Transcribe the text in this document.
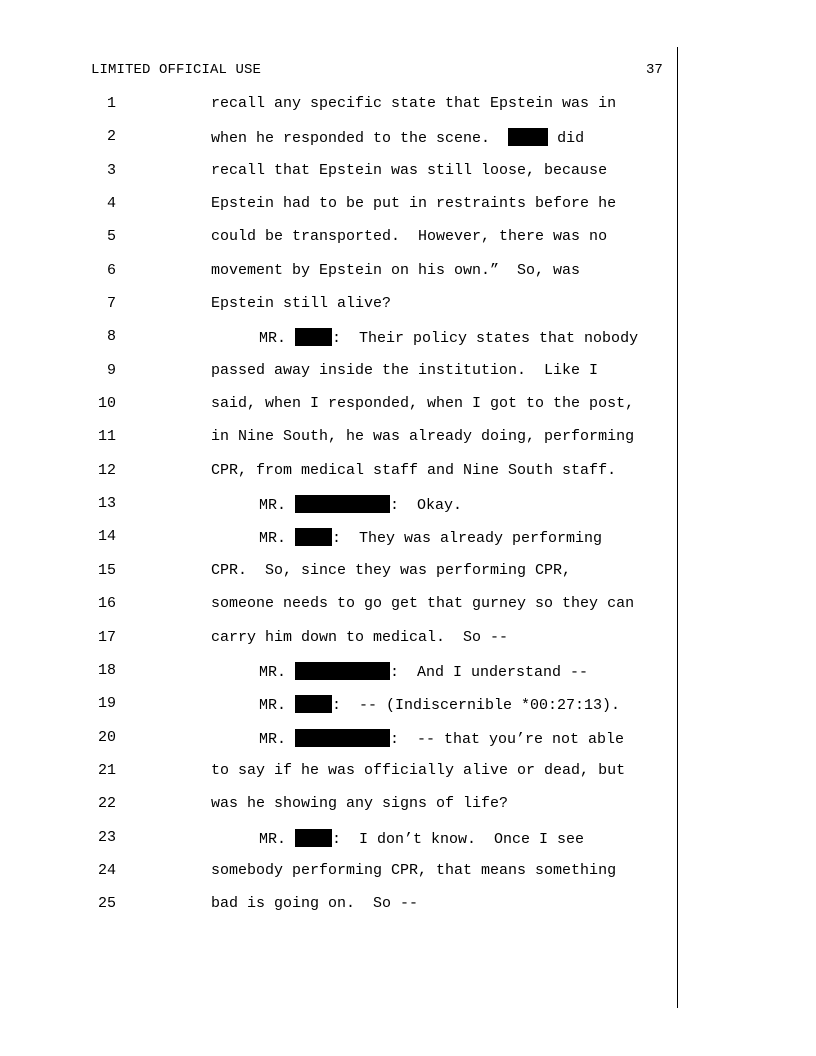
LIMITED OFFICIAL USE	37
1	recall any specific state that Epstein was in
2	when he responded to the scene.	did
3	recall that Epstein was still loose, because
4	Epstein had to be put in restraints before he
5	could be transported.  However, there was no
6	movement by Epstein on his own.”  So, was
7	Epstein still alive?
8	MR. :  Their policy states that nobody
9	passed away inside the institution.  Like I
10	said, when I responded, when I got to the post,
11	in Nine South, he was already doing, performing
12	CPR, from medical staff and Nine South staff.
13	MR.	:  Okay.
14	MR. :  They was already performing
15	CPR.  So, since they was performing CPR,
16	someone needs to go get that gurney so they can
17	carry him down to medical.  So --
18	MR.	:  And I understand --
19	MR. :  -- (Indiscernible *00:27:13).
20	MR.	:  -- that you’re not able
21	to say if he was officially alive or dead, but
22	was he showing any signs of life?
23	MR. :  I don’t know.  Once I see
24	somebody performing CPR, that means something
25	bad is going on.  So --
